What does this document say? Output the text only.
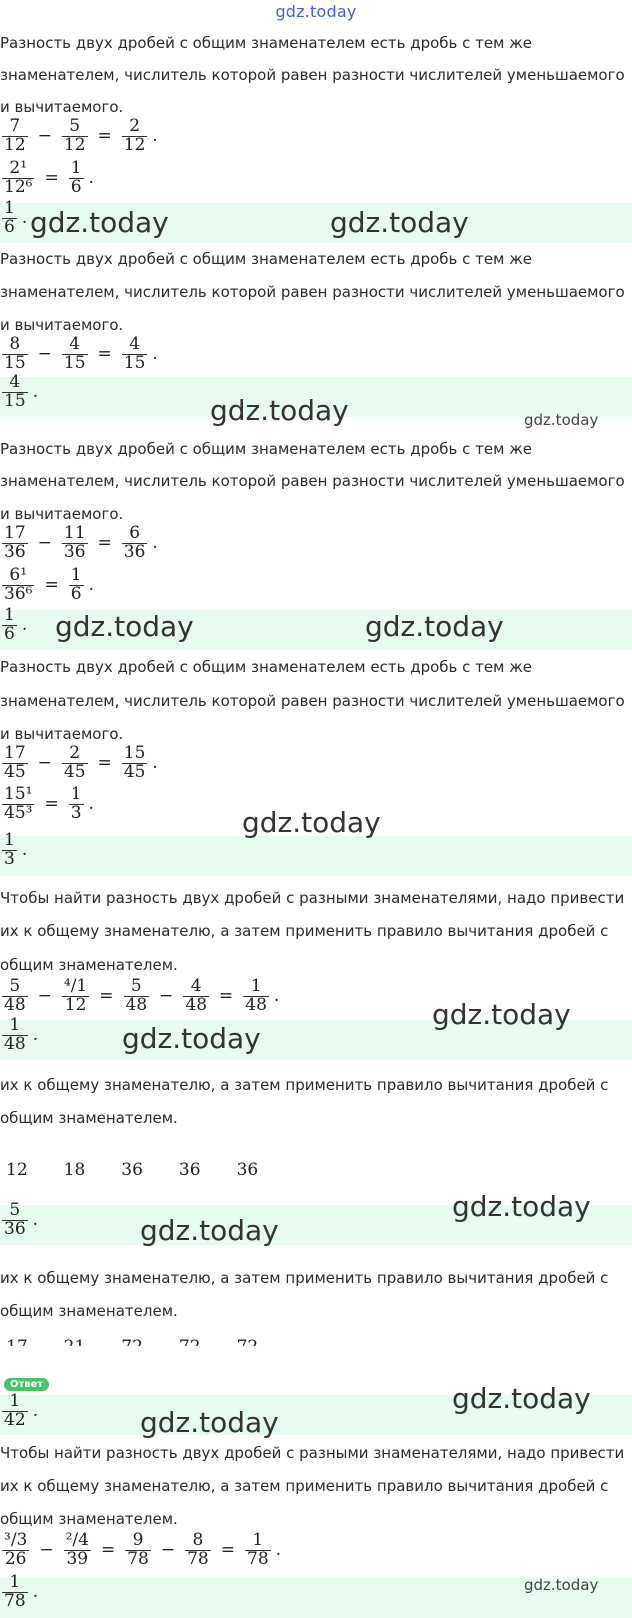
gdz.today
Разность двух дробей с общим знаменателем есть дробь с тем же
знаменателем, числитель которой равен разности числителей уменьшаемого
и вычитаемого.
$\frac{7}{12} - \frac{5}{12} = \frac{2}{12}$ .
$\frac{\text{2¹}}{\text{12⁶}} = \frac{1}{6}$ .
$\frac{1}{6}$ . gdz.today	gdz.today
Разность двух дробей с общим знаменателем есть дробь с тем же
знаменателем, числитель которой равен разности числителей уменьшаемого
и вычитаемого.
$\frac{8}{15} - \frac{4}{15} = \frac{4}{15}$ .
$\frac{4}{15}$ .
gdz.today	gdz.today
Разность двух дробей с общим знаменателем есть дробь с тем же
знаменателем, числитель которой равен разности числителей уменьшаемого
и вычитаемого.
$\frac{17}{36} - \frac{11}{36} = \frac{6}{36}$ .
$\frac{\text{6¹}}{\text{36⁶}} = \frac{1}{6}$ .
$\frac{1}{6}$ . gdz.today	gdz.today
Разность двух дробей с общим знаменателем есть дробь с тем же
знаменателем, числитель которой равен разности числителей уменьшаемого
и вычитаемого.
$\frac{17}{45} - \frac{2}{45} = \frac{15}{45}$ .
$\frac{\text{15¹}}{\text{45³}} = \frac{1}{3}$ .
$\frac{1}{3}$ .
gdz.today
Чтобы найти разность двух дробей с разными знаменателями, надо привести
их к общему знаменателю, а затем применить правило вычитания дробей с
общим знаменателем.
$\frac{5}{48} - \frac{\text{⁴/1}}{12} = \frac{5}{48} - \frac{4}{48} = \frac{1}{48}$ .
$\frac{1}{48}$ .
gdz.today
gdz.today
их к общему знаменателю, а затем применить правило вычитания дробей с
общим знаменателем.
12 18 36 36 36
$\frac{5}{36}$ .	gdz.today
gdz.today
их к общему знаменателю, а затем применить правило вычитания дробей с
общим знаменателем.
Ответ
$\frac{1}{42}$ .	gdz.today
gdz.today
Чтобы найти разность двух дробей с разными знаменателями, надо привести
их к общему знаменателю, а затем применить правило вычитания дробей с
общим знаменателем.
$\frac{\text{³/3}}{26} - \frac{\text{²/4}}{39} = \frac{9}{78} - \frac{8}{78} = \frac{1}{78}$ .
$\frac{1}{78}$ .	gdz.today
